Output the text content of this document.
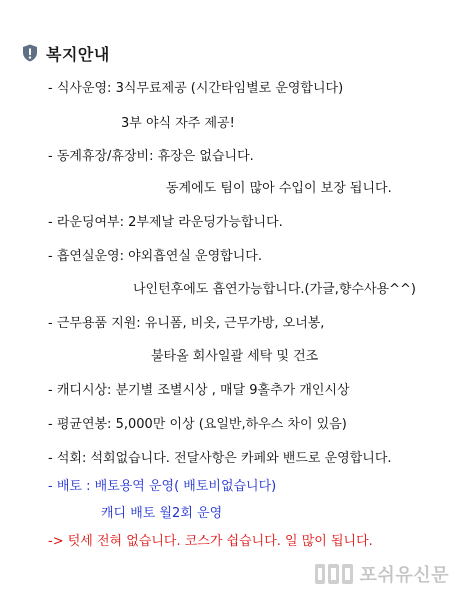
복지안내
- 식사운영: 3식무료제공 (시간타임별로 운영합니다)
3부 야식 자주 제공!
- 동계휴장/휴장비: 휴장은 없습니다.
동계에도 팀이 많아 수입이 보장 됩니다.
- 라운딩여부: 2부제날 라운딩가능합니다.
- 흡연실운영: 야외흡연실 운영합니다.
나인턴후에도 흡연가능합니다.(가글,향수사용^^)
- 근무용품 지원: 유니폼, 비옷, 근무가방, 오너봉,
불타올 회사일괄 세탁 및 건조
- 캐디시상: 분기별 조별시상 , 매달 9홀추가 개인시상
- 평균연봉: 5,000만 이상 (요일반,하우스 차이 있음)
- 석회: 석회없습니다. 전달사항은 카페와 밴드로 운영합니다.
- 배토 : 배토용역 운영( 배토비없습니다)
캐디 배토 월2회 운영
-> 텃세 전혀 없습니다. 코스가 쉽습니다. 일 많이 됩니다.
포쉬유신문
